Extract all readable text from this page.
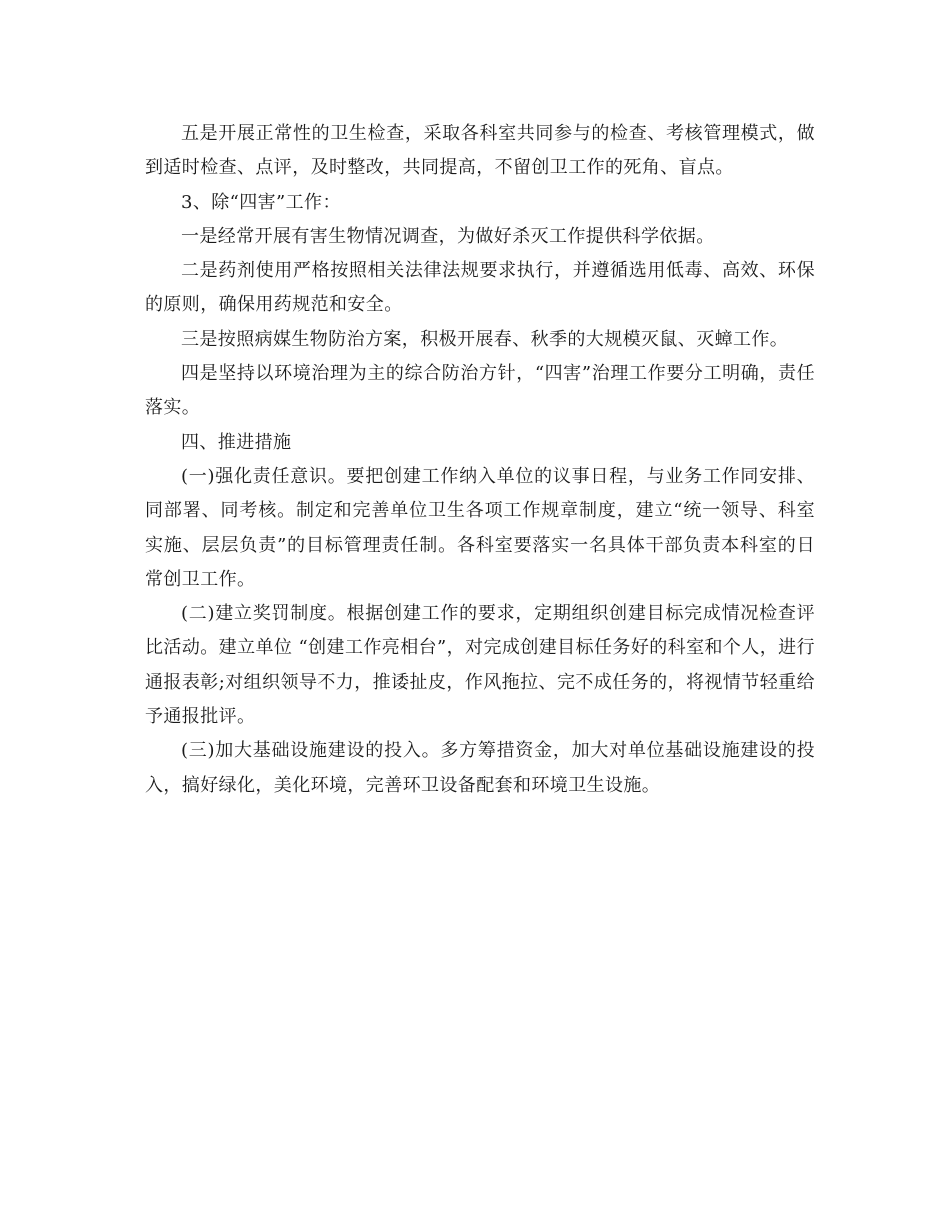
五是开展正常性的卫生检查，采取各科室共同参与的检查、考核管理模式，做到适时检查、点评，及时整改，共同提高，不留创卫工作的死角、盲点。

3、除“四害”工作：

一是经常开展有害生物情况调查，为做好杀灭工作提供科学依据。

二是药剂使用严格按照相关法律法规要求执行，并遵循选用低毒、高效、环保的原则，确保用药规范和安全。

三是按照病媒生物防治方案，积极开展春、秋季的大规模灭鼠、灭蟑工作。

四是坚持以环境治理为主的综合防治方针，“四害”治理工作要分工明确，责任落实。

四、推进措施

(一)强化责任意识。要把创建工作纳入单位的议事日程，与业务工作同安排、同部署、同考核。制定和完善单位卫生各项工作规章制度，建立“统一领导、科室实施、层层负责”的目标管理责任制。各科室要落实一名具体干部负责本科室的日常创卫工作。

(二)建立奖罚制度。根据创建工作的要求，定期组织创建目标完成情况检查评比活动。建立单位 “创建工作亮相台”，对完成创建目标任务好的科室和个人，进行通报表彰;对组织领导不力，推诿扯皮，作风拖拉、完不成任务的，将视情节轻重给予通报批评。

(三)加大基础设施建设的投入。多方筹措资金，加大对单位基础设施建设的投入，搞好绿化，美化环境，完善环卫设备配套和环境卫生设施。
